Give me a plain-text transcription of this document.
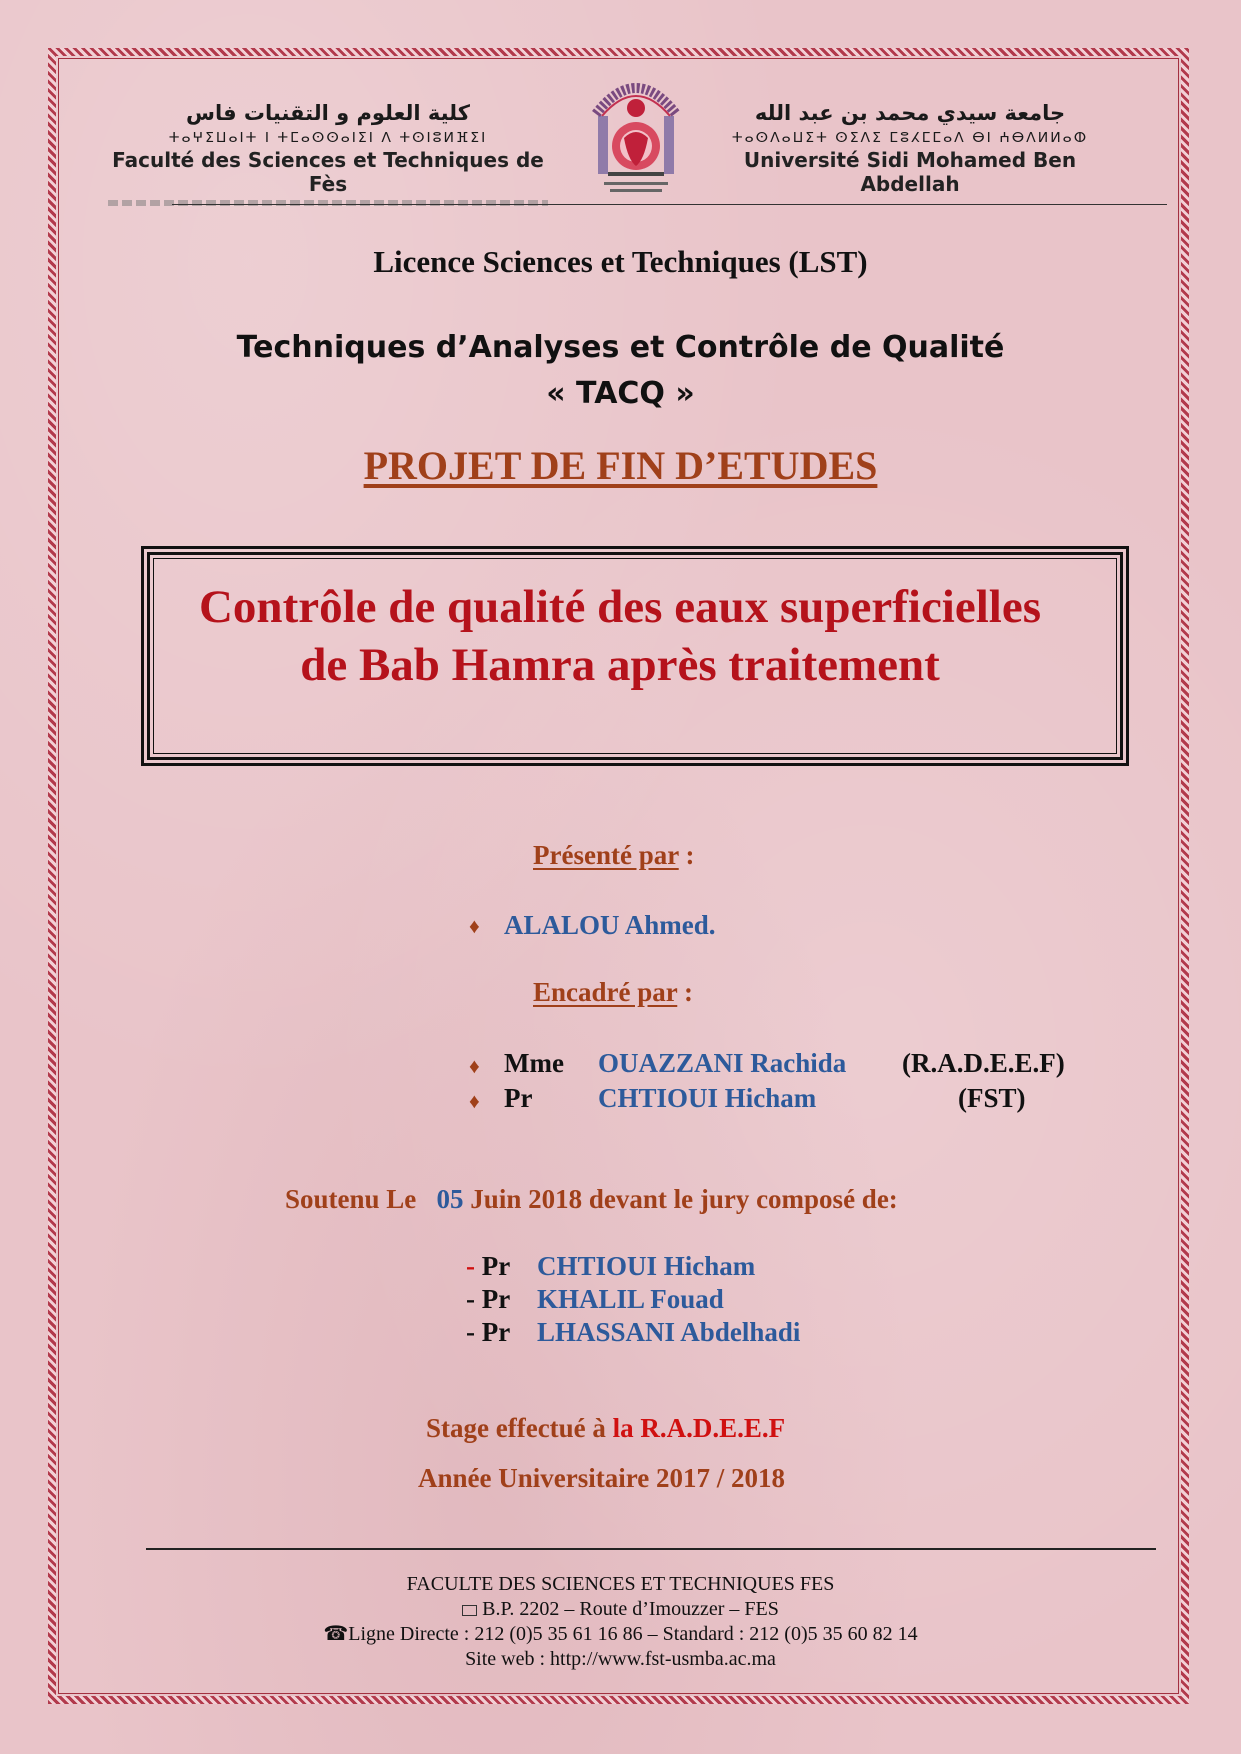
كلية العلوم و التقنيات فاس
ⵜⴰⵖⵉⵡⴰⵏⵜ ⵏ ⵜⵎⴰⵙⵙⴰⵏⵉⵏ ⴷ ⵜⵙⵏⵓⵍⴼⵉⵏ
Faculté des Sciences et Techniques de Fès
جامعة سيدي محمد بن عبد الله
ⵜⴰⵙⴷⴰⵡⵉⵜ ⵙⵉⴷⵉ ⵎⵓⵃⵎⵎⴰⴷ ⴱⵏ ⵄⴱⴷⵍⵍⴰⵀ
Université Sidi Mohamed Ben Abdellah
Licence Sciences et Techniques (LST)
Techniques d’Analyses et Contrôle de Qualité
« TACQ »
PROJET DE FIN D’ETUDES
Contrôle de qualité des eaux superficielles
de Bab Hamra après traitement
Présenté par :
♦ ALALOU Ahmed.
Encadré par :
♦ Mme OUAZZANI Rachida (R.A.D.E.E.F)
♦ Pr CHTIOUI Hicham	(FST)
Soutenu Le 05 Juin 2018 devant le jury composé de:
- Pr CHTIOUI Hicham
- Pr KHALIL Fouad
- Pr LHASSANI Abdelhadi
Stage effectué à la R.A.D.E.E.F
Année Universitaire 2017 / 2018
FACULTE DES SCIENCES ET TECHNIQUES FES
B.P. 2202 – Route d’Imouzzer – FES
☎Ligne Directe : 212 (0)5 35 61 16 86 – Standard : 212 (0)5 35 60 82 14
Site web : http://www.fst-usmba.ac.ma
